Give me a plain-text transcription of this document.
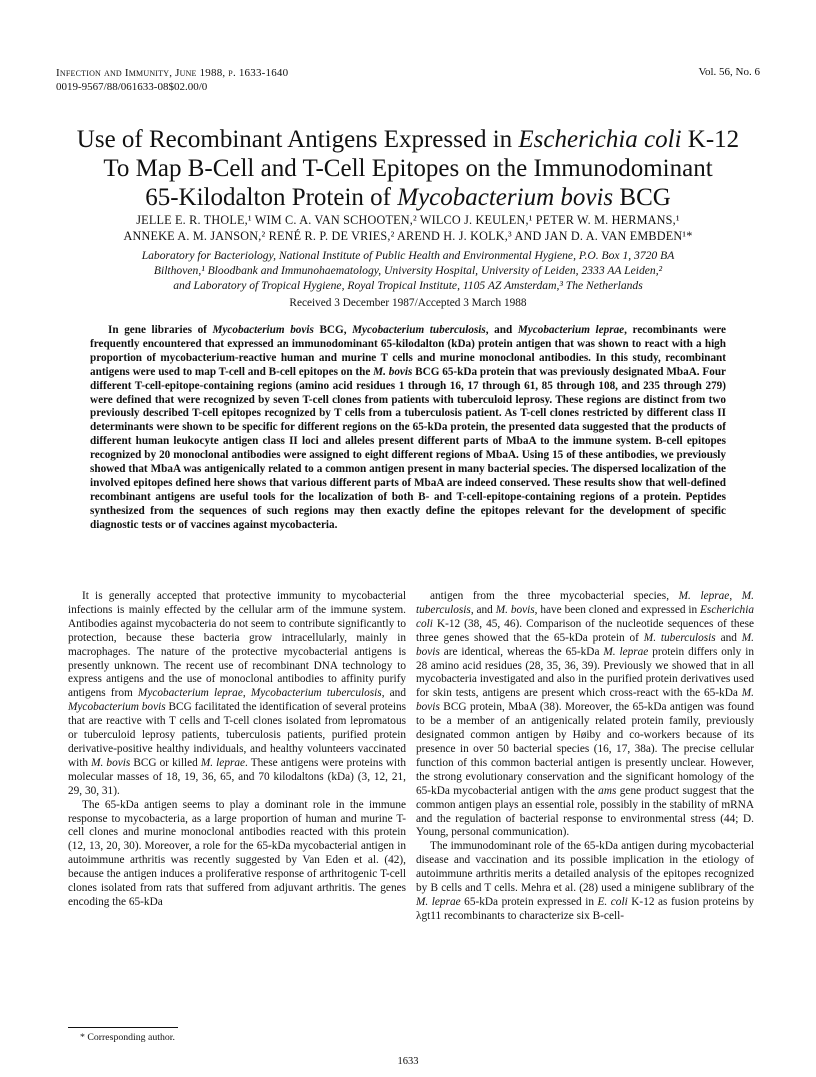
Infection and Immunity, June 1988, p. 1633-1640
0019-9567/88/061633-08$02.00/0
Vol. 56, No. 6
Use of Recombinant Antigens Expressed in Escherichia coli K-12
To Map B-Cell and T-Cell Epitopes on the Immunodominant
65-Kilodalton Protein of Mycobacterium bovis BCG
JELLE E. R. THOLE,¹ WIM C. A. VAN SCHOOTEN,² WILCO J. KEULEN,¹ PETER W. M. HERMANS,¹
ANNEKE A. M. JANSON,² RENÉ R. P. DE VRIES,² AREND H. J. KOLK,³ AND JAN D. A. VAN EMBDEN¹*
Laboratory for Bacteriology, National Institute of Public Health and Environmental Hygiene, P.O. Box 1, 3720 BA
Bilthoven,¹ Bloodbank and Immunohaematology, University Hospital, University of Leiden, 2333 AA Leiden,²
and Laboratory of Tropical Hygiene, Royal Tropical Institute, 1105 AZ Amsterdam,³ The Netherlands
Received 3 December 1987/Accepted 3 March 1988

In gene libraries of Mycobacterium bovis BCG, Mycobacterium tuberculosis, and Mycobacterium leprae, recombinants were frequently encountered that expressed an immunodominant 65-kilodalton (kDa) protein antigen that was shown to react with a high proportion of mycobacterium-reactive human and murine T cells and murine monoclonal antibodies. In this study, recombinant antigens were used to map T-cell and B-cell epitopes on the M. bovis BCG 65-kDa protein that was previously designated MbaA. Four different T-cell-epitope-containing regions (amino acid residues 1 through 16, 17 through 61, 85 through 108, and 235 through 279) were defined that were recognized by seven T-cell clones from patients with tuberculoid leprosy. These regions are distinct from two previously described T-cell epitopes recognized by T cells from a tuberculosis patient. As T-cell clones restricted by different class II determinants were shown to be specific for different regions on the 65-kDa protein, the presented data suggested that the products of different human leukocyte antigen class II loci and alleles present different parts of MbaA to the immune system. B-cell epitopes recognized by 20 monoclonal antibodies were assigned to eight different regions of MbaA. Using 15 of these antibodies, we previously showed that MbaA was antigenically related to a common antigen present in many bacterial species. The dispersed localization of the involved epitopes defined here shows that various different parts of MbaA are indeed conserved. These results show that well-defined recombinant antigens are useful tools for the localization of both B- and T-cell-epitope-containing regions of a protein. Peptides synthesized from the sequences of such regions may then exactly define the epitopes relevant for the development of specific diagnostic tests or of vaccines against mycobacteria.

It is generally accepted that protective immunity to mycobacterial infections is mainly effected by the cellular arm of the immune system. Antibodies against mycobacteria do not seem to contribute significantly to protection, because these bacteria grow intracellularly, mainly in macrophages. The nature of the protective mycobacterial antigens is presently unknown. The recent use of recombinant DNA technology to express antigens and the use of monoclonal antibodies to affinity purify antigens from Mycobacterium leprae, Mycobacterium tuberculosis, and Mycobacterium bovis BCG facilitated the identification of several proteins that are reactive with T cells and T-cell clones isolated from lepromatous or tuberculoid leprosy patients, tuberculosis patients, purified protein derivative-positive healthy individuals, and healthy volunteers vaccinated with M. bovis BCG or killed M. leprae. These antigens were proteins with molecular masses of 18, 19, 36, 65, and 70 kilodaltons (kDa) (3, 12, 21, 29, 30, 31).

The 65-kDa antigen seems to play a dominant role in the immune response to mycobacteria, as a large proportion of human and murine T-cell clones and murine monoclonal antibodies reacted with this protein (12, 13, 20, 30). Moreover, a role for the 65-kDa mycobacterial antigen in autoimmune arthritis was recently suggested by Van Eden et al. (42), because the antigen induces a proliferative response of arthritogenic T-cell clones isolated from rats that suffered from adjuvant arthritis. The genes encoding the 65-kDa

antigen from the three mycobacterial species, M. leprae, M. tuberculosis, and M. bovis, have been cloned and expressed in Escherichia coli K-12 (38, 45, 46). Comparison of the nucleotide sequences of these three genes showed that the 65-kDa protein of M. tuberculosis and M. bovis are identical, whereas the 65-kDa M. leprae protein differs only in 28 amino acid residues (28, 35, 36, 39). Previously we showed that in all mycobacteria investigated and also in the purified protein derivatives used for skin tests, antigens are present which cross-react with the 65-kDa M. bovis BCG protein, MbaA (38). Moreover, the 65-kDa antigen was found to be a member of an antigenically related protein family, previously designated common antigen by Høiby and co-workers because of its presence in over 50 bacterial species (16, 17, 38a). The precise cellular function of this common bacterial antigen is presently unclear. However, the strong evolutionary conservation and the significant homology of the 65-kDa mycobacterial antigen with the ams gene product suggest that the common antigen plays an essential role, possibly in the stability of mRNA and the regulation of bacterial response to environmental stress (44; D. Young, personal communication).

The immunodominant role of the 65-kDa antigen during mycobacterial disease and vaccination and its possible implication in the etiology of autoimmune arthritis merits a detailed analysis of the epitopes recognized by B cells and T cells. Mehra et al. (28) used a minigene sublibrary of the M. leprae 65-kDa protein expressed in E. coli K-12 as fusion proteins by λgt11 recombinants to characterize six B-cell-

* Corresponding author.
1633
